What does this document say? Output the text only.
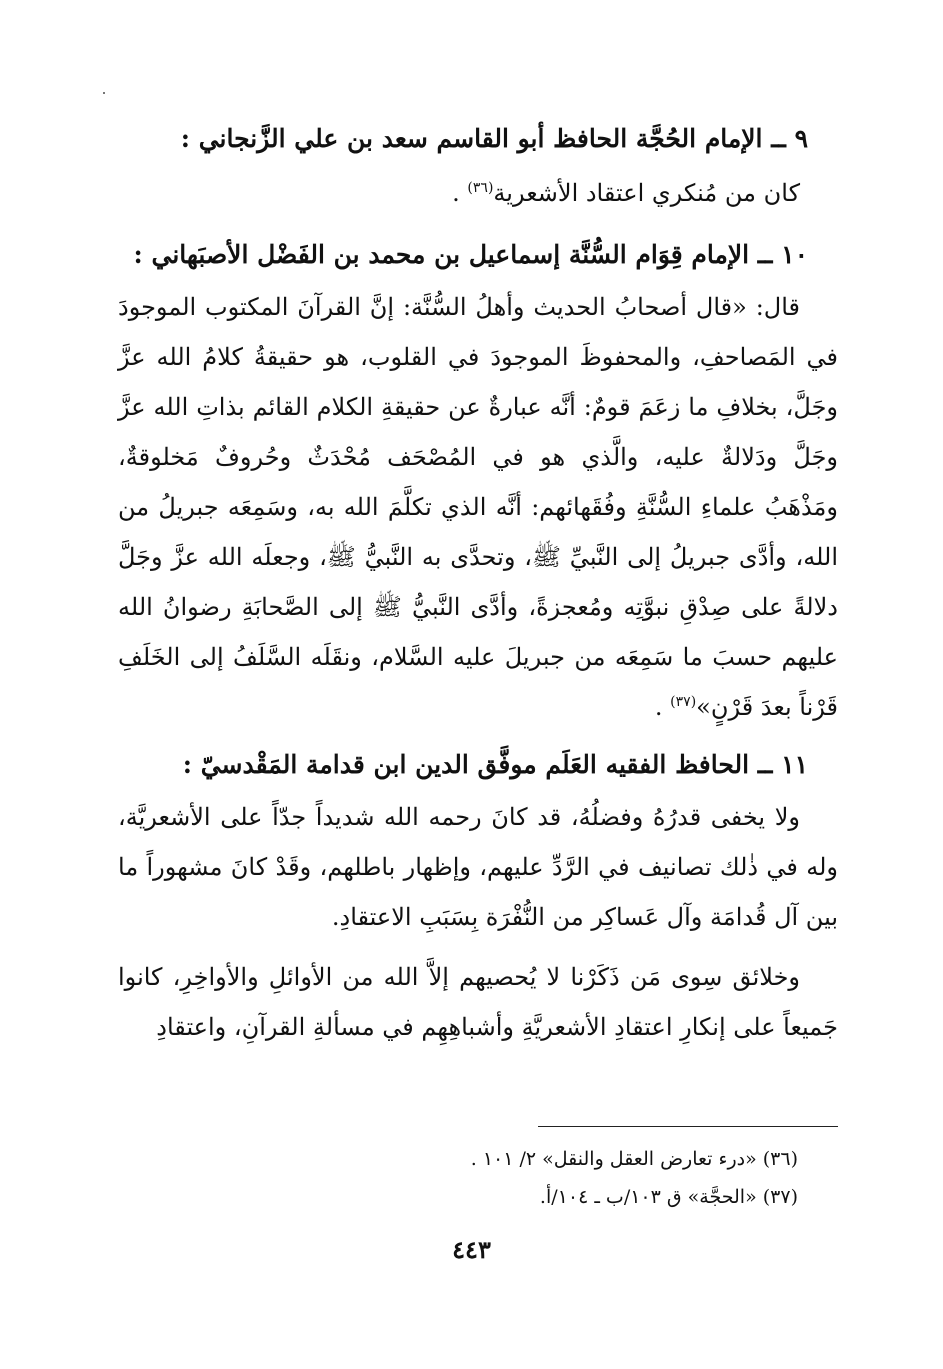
٩ ــ الإمام الحُجَّة الحافظ أبو القاسم سعد بن علي الزَّنجاني :

كان من مُنكري اعتقاد الأشعرية$^{(٣٦)}$ .

١٠ ــ الإمام قِوَام السُّنَّة إسماعيل بن محمد بن الفَضْل الأصبَهاني :

قال: «قال أصحابُ الحديث وأهلُ السُّنَّة: إنَّ القرآنَ المكتوب الموجودَ في المَصاحفِ، والمحفوظَ الموجودَ في القلوب، هو حقيقةُ كلامُ الله عزَّ وجَلَّ، بخلافِ ما زعَمَ قومٌ: أنَّه عبارةٌ عن حقيقةِ الكلام القائم بذاتِ الله عزَّ وجَلَّ ودَلالةٌ عليه، والَّذي هو في المُصْحَف مُحْدَثٌ وحُروفٌ مَخلوقةٌ، ومَذْهَبُ علماءِ السُّنَّةِ وفُقَهائهم: أنَّه الذي تكلَّمَ الله به، وسَمِعَه جبريلُ من الله، وأدَّى جبريلُ إلى النَّبيِّ ﷺ، وتحدَّى به النَّبيُّ ﷺ، وجعلَه الله عزَّ وجَلَّ دلالةً على صِدْقِ نبوَّتِه ومُعجزةً، وأدَّى النَّبيُّ ﷺ إلى الصَّحابَةِ رضوانُ الله عليهم حسبَ ما سَمِعَه من جبريلَ عليه السَّلام، ونقَلَه السَّلَفُ إلى الخَلَفِ قَرْناً بعدَ قَرْنٍ»$^{(٣٧)}$ .

١١ ــ الحافظ الفقيه العَلَم موفَّق الدين ابن قدامة المَقْدسيّ :

ولا يخفى قدرُهُ وفضلُهُ، قد كانَ رحمه الله شديداً جدّاً على الأشعريَّة، وله في ذٰلك تصانيف في الرَّدِّ عليهم، وإظهار باطلهم، وقَدْ كانَ مشهوراً ما بين آل قُدامَة وآل عَساكِر من النُّفْرَة بِسَبَبِ الاعتقادِ.

وخلائق سِوى مَن ذَكَرْنا لا يُحصيهم إلاَّ الله من الأوائلِ والأواخِرِ، كانوا جَميعاً على إنكارِ اعتقادِ الأشعريَّةِ وأشباهِهِم في مسألةِ القرآنِ، واعتقادِ

(٣٦) «درء تعارض العقل والنقل» ٢/ ١٠١ .

(٣٧) «الحجَّة» ق ١٠٣/ب ـ ١٠٤/أ.

٤٤٣
